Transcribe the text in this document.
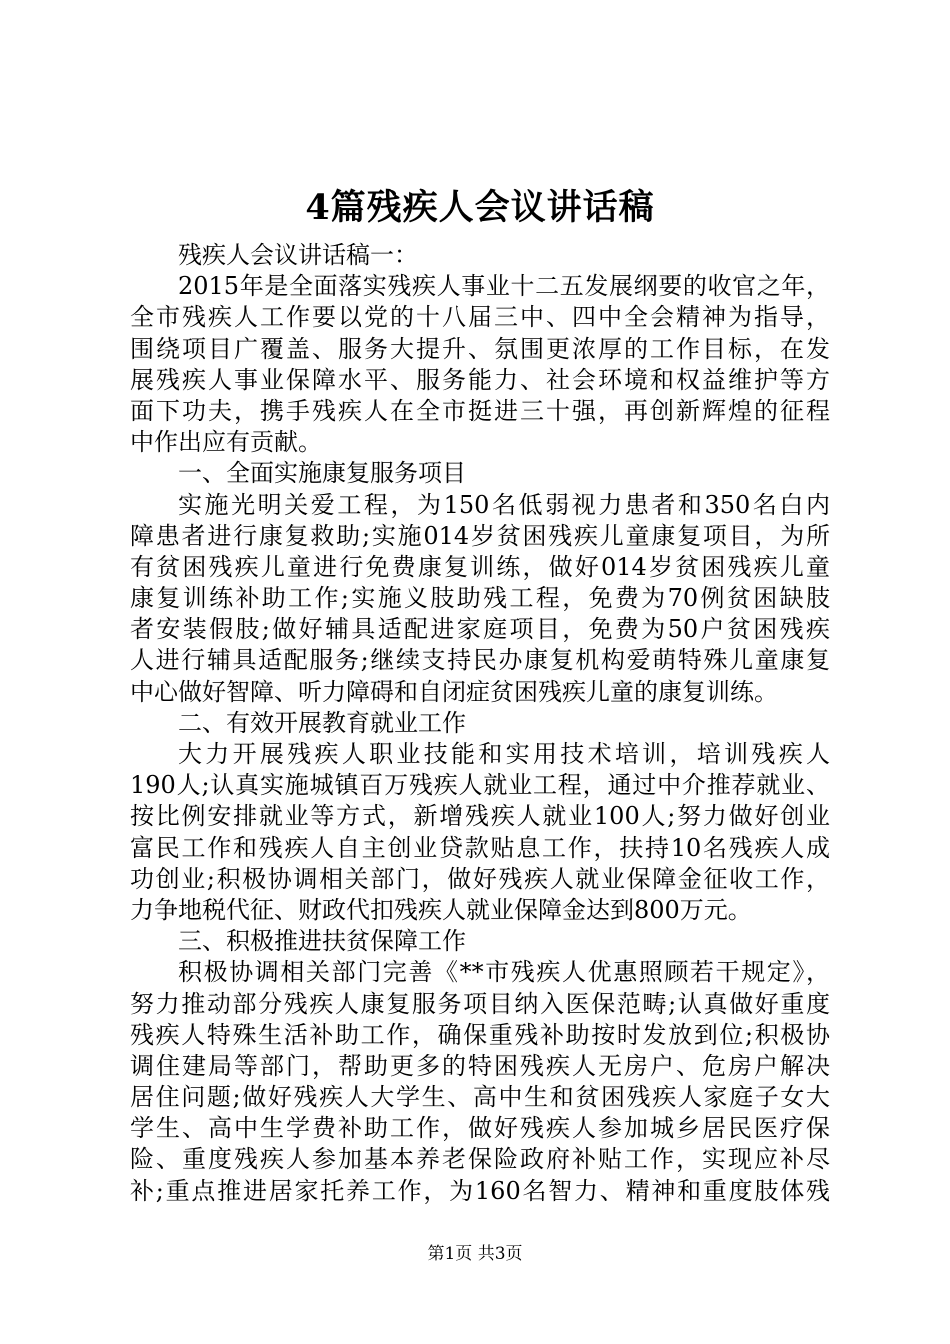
4篇残疾人会议讲话稿
残疾人会议讲话稿一：
2015年是全面落实残疾人事业十二五发展纲要的收官之年，
全市残疾人工作要以党的十八届三中、四中全会精神为指导，
围绕项目广覆盖、服务大提升、氛围更浓厚的工作目标，在发
展残疾人事业保障水平、服务能力、社会环境和权益维护等方
面下功夫，携手残疾人在全市挺进三十强，再创新辉煌的征程
中作出应有贡献。
一、全面实施康复服务项目
实施光明关爱工程，为150名低弱视力患者和350名白内
障患者进行康复救助;实施014岁贫困残疾儿童康复项目，为所
有贫困残疾儿童进行免费康复训练，做好014岁贫困残疾儿童
康复训练补助工作;实施义肢助残工程，免费为70例贫困缺肢
者安装假肢;做好辅具适配进家庭项目，免费为50户贫困残疾
人进行辅具适配服务;继续支持民办康复机构爱萌特殊儿童康复
中心做好智障、听力障碍和自闭症贫困残疾儿童的康复训练。
二、有效开展教育就业工作
大力开展残疾人职业技能和实用技术培训，培训残疾人
190人;认真实施城镇百万残疾人就业工程，通过中介推荐就业、
按比例安排就业等方式，新增残疾人就业100人;努力做好创业
富民工作和残疾人自主创业贷款贴息工作，扶持10名残疾人成
功创业;积极协调相关部门，做好残疾人就业保障金征收工作，
力争地税代征、财政代扣残疾人就业保障金达到800万元。
三、积极推进扶贫保障工作
积极协调相关部门完善《**市残疾人优惠照顾若干规定》，
努力推动部分残疾人康复服务项目纳入医保范畴;认真做好重度
残疾人特殊生活补助工作，确保重残补助按时发放到位;积极协
调住建局等部门，帮助更多的特困残疾人无房户、危房户解决
居住问题;做好残疾人大学生、高中生和贫困残疾人家庭子女大
学生、高中生学费补助工作，做好残疾人参加城乡居民医疗保
险、重度残疾人参加基本养老保险政府补贴工作，实现应补尽
补;重点推进居家托养工作，为160名智力、精神和重度肢体残
第1页 共3页
